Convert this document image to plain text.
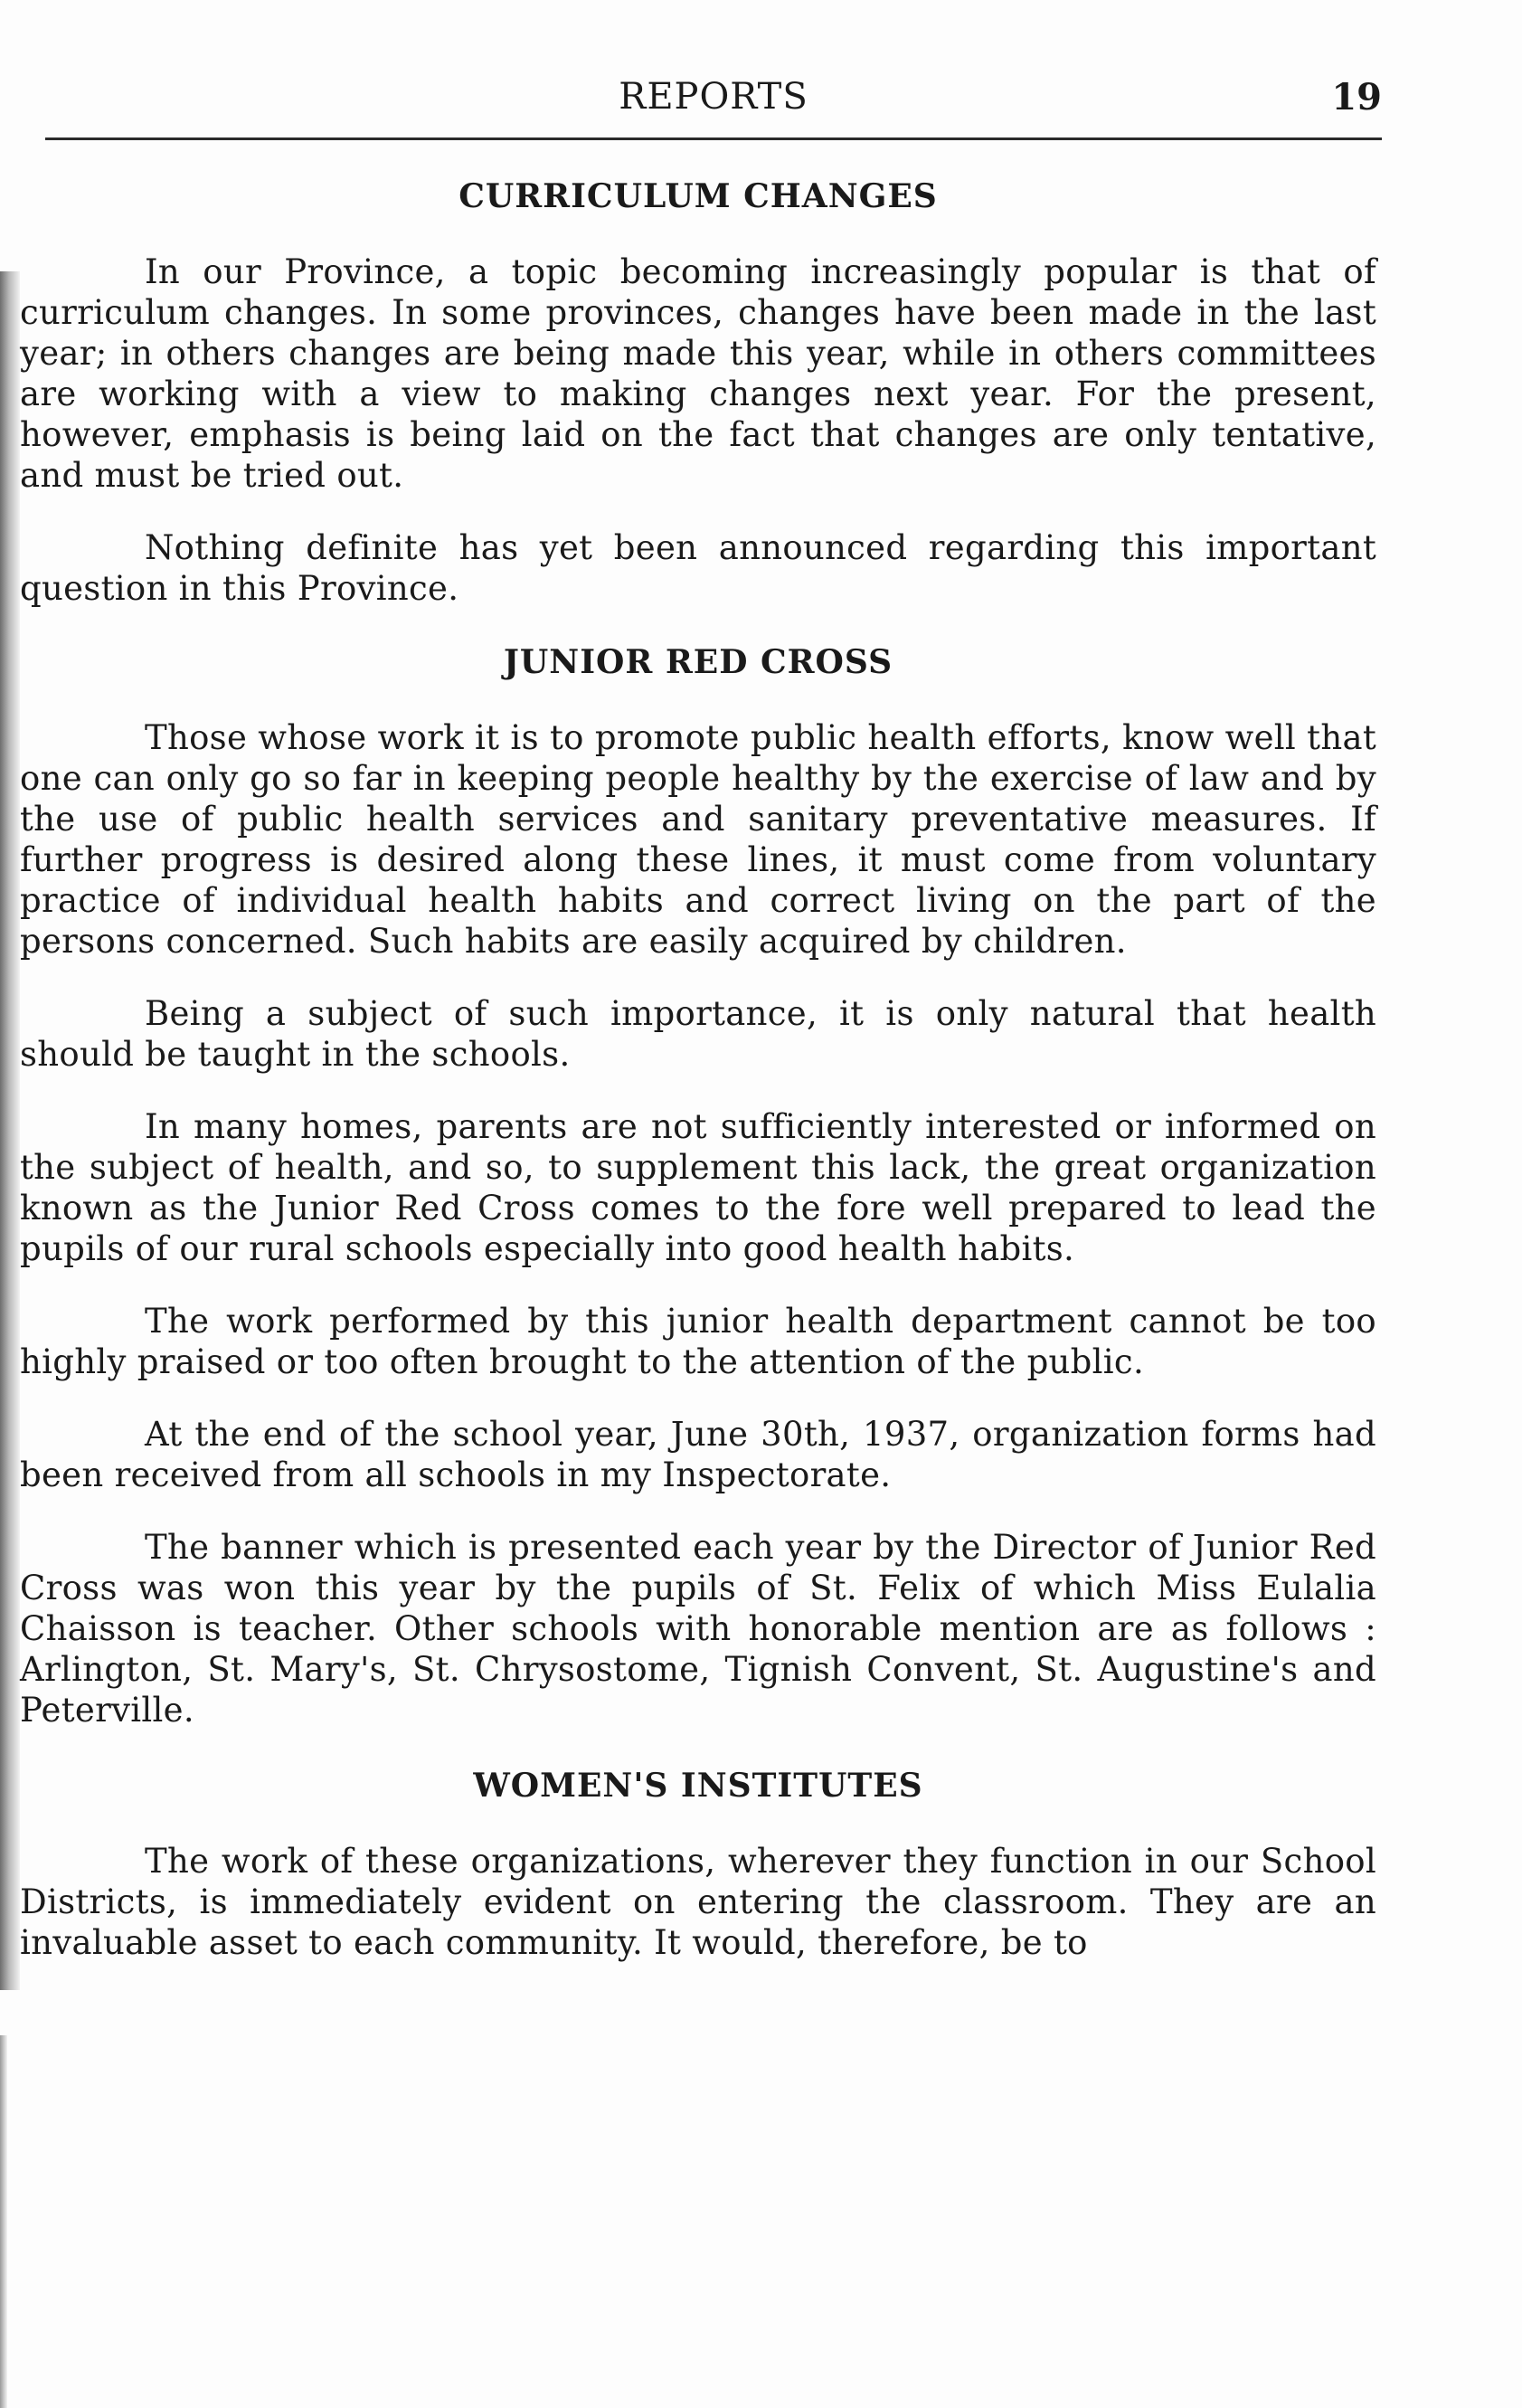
REPORTS	19
CURRICULUM CHANGES

In our Province, a topic becoming increasingly popular is that of curriculum changes. In some provinces, changes have been made in the last year; in others changes are being made this year, while in others committees are working with a view to making changes next year. For the present, however, emphasis is being laid on the fact that changes are only tentative, and must be tried out.

Nothing definite has yet been announced regarding this important question in this Province.

JUNIOR RED CROSS

Those whose work it is to promote public health efforts, know well that one can only go so far in keeping people healthy by the exercise of law and by the use of public health services and sanitary preventative measures. If further progress is desired along these lines, it must come from voluntary practice of individual health habits and correct living on the part of the persons concerned. Such habits are easily acquired by children.

Being a subject of such importance, it is only natural that health should be taught in the schools.

In many homes, parents are not sufficiently interested or informed on the subject of health, and so, to supplement this lack, the great organization known as the Junior Red Cross comes to the fore well prepared to lead the pupils of our rural schools especially into good health habits.

The work performed by this junior health department cannot be too highly praised or too often brought to the attention of the public.

At the end of the school year, June 30th, 1937, organization forms had been received from all schools in my Inspectorate.

The banner which is presented each year by the Director of Junior Red Cross was won this year by the pupils of St. Felix of which Miss Eulalia Chaisson is teacher. Other schools with honorable mention are as follows : Arlington, St. Mary's, St. Chrysostome, Tignish Convent, St. Augustine's and Peterville.

WOMEN'S INSTITUTES

The work of these organizations, wherever they function in our School Districts, is immediately evident on entering the classroom. They are an invaluable asset to each community. It would, therefore, be to
